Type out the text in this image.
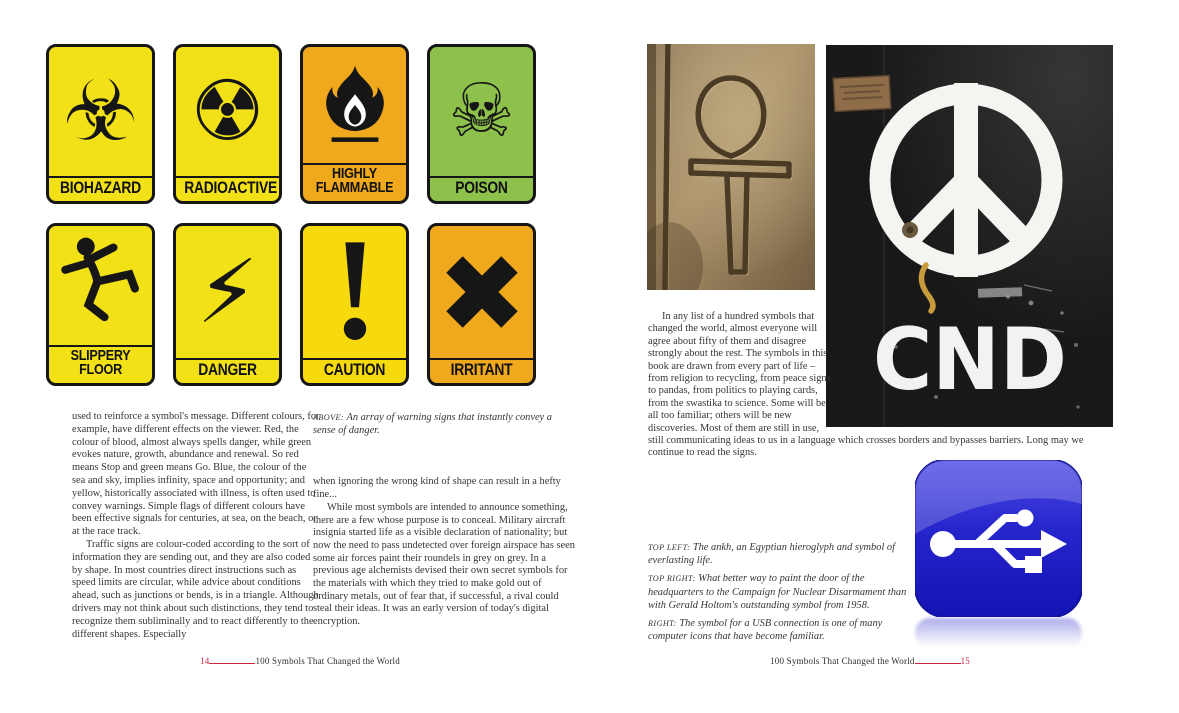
☣
BIOHAZARD
☢
RADIOACTIVE
HIGHLY
FLAMMABLE
☠
POISON
SLIPPERY
FLOOR
⚡
DANGER	CAUTION	IRRITANT

used to reinforce a symbol's message. Different colours, for example, have different effects on the viewer. Red, the colour of blood, almost always spells danger, while green evokes nature, growth, abundance and renewal. So red means Stop and green means Go. Blue, the colour of the sea and sky, implies infinity, space and opportunity; and yellow, historically associated with illness, is often used to convey warnings. Simple flags of different colours have been effective signals for centuries, at sea, on the beach, or at the race track.

Traffic signs are colour-coded according to the sort of information they are sending out, and they are also coded by shape. In most countries direct instructions such as speed limits are circular, while advice about conditions ahead, such as junctions or bends, is in a triangle. Although drivers may not think about such distinctions, they tend to recognize them subliminally and to react differently to the different shapes. Especially

ABOVE: An array of warning signs that instantly convey a sense of danger.

when ignoring the wrong kind of shape can result in a hefty fine...

While most symbols are intended to announce something, there are a few whose purpose is to conceal. Military aircraft insignia started life as a visible declaration of nationality; but now the need to pass undetected over foreign airspace has seen some air forces paint their roundels in grey on grey. In a previous age alchemists devised their own secret symbols for the materials with which they tried to make gold out of ordinary metals, out of fear that, if successful, a rival could steal their ideas. It was an early version of today's digital encryption.

14	100 Symbols That Changed the World
CND

In any list of a hundred symbols that changed the world, almost everyone will agree about fifty of them and disagree strongly about the rest. The symbols in this book are drawn from every part of life – from religion to recycling, from peace signs to pandas, from politics to playing cards, from the swastika to science. Some will be all too familiar; others will be new discoveries. Most of them are still in use, still communicating ideas to us in a language which crosses borders and bypasses barriers. Long may we continue to read the signs.

TOP LEFT: The ankh, an Egyptian hieroglyph and symbol of everlasting life.

TOP RIGHT: What better way to paint the door of the headquarters to the Campaign for Nuclear Disarmament than with Gerald Holtom's outstanding symbol from 1958.

RIGHT: The symbol for a USB connection is one of many computer icons that have become familiar.

100 Symbols That Changed the World	15
